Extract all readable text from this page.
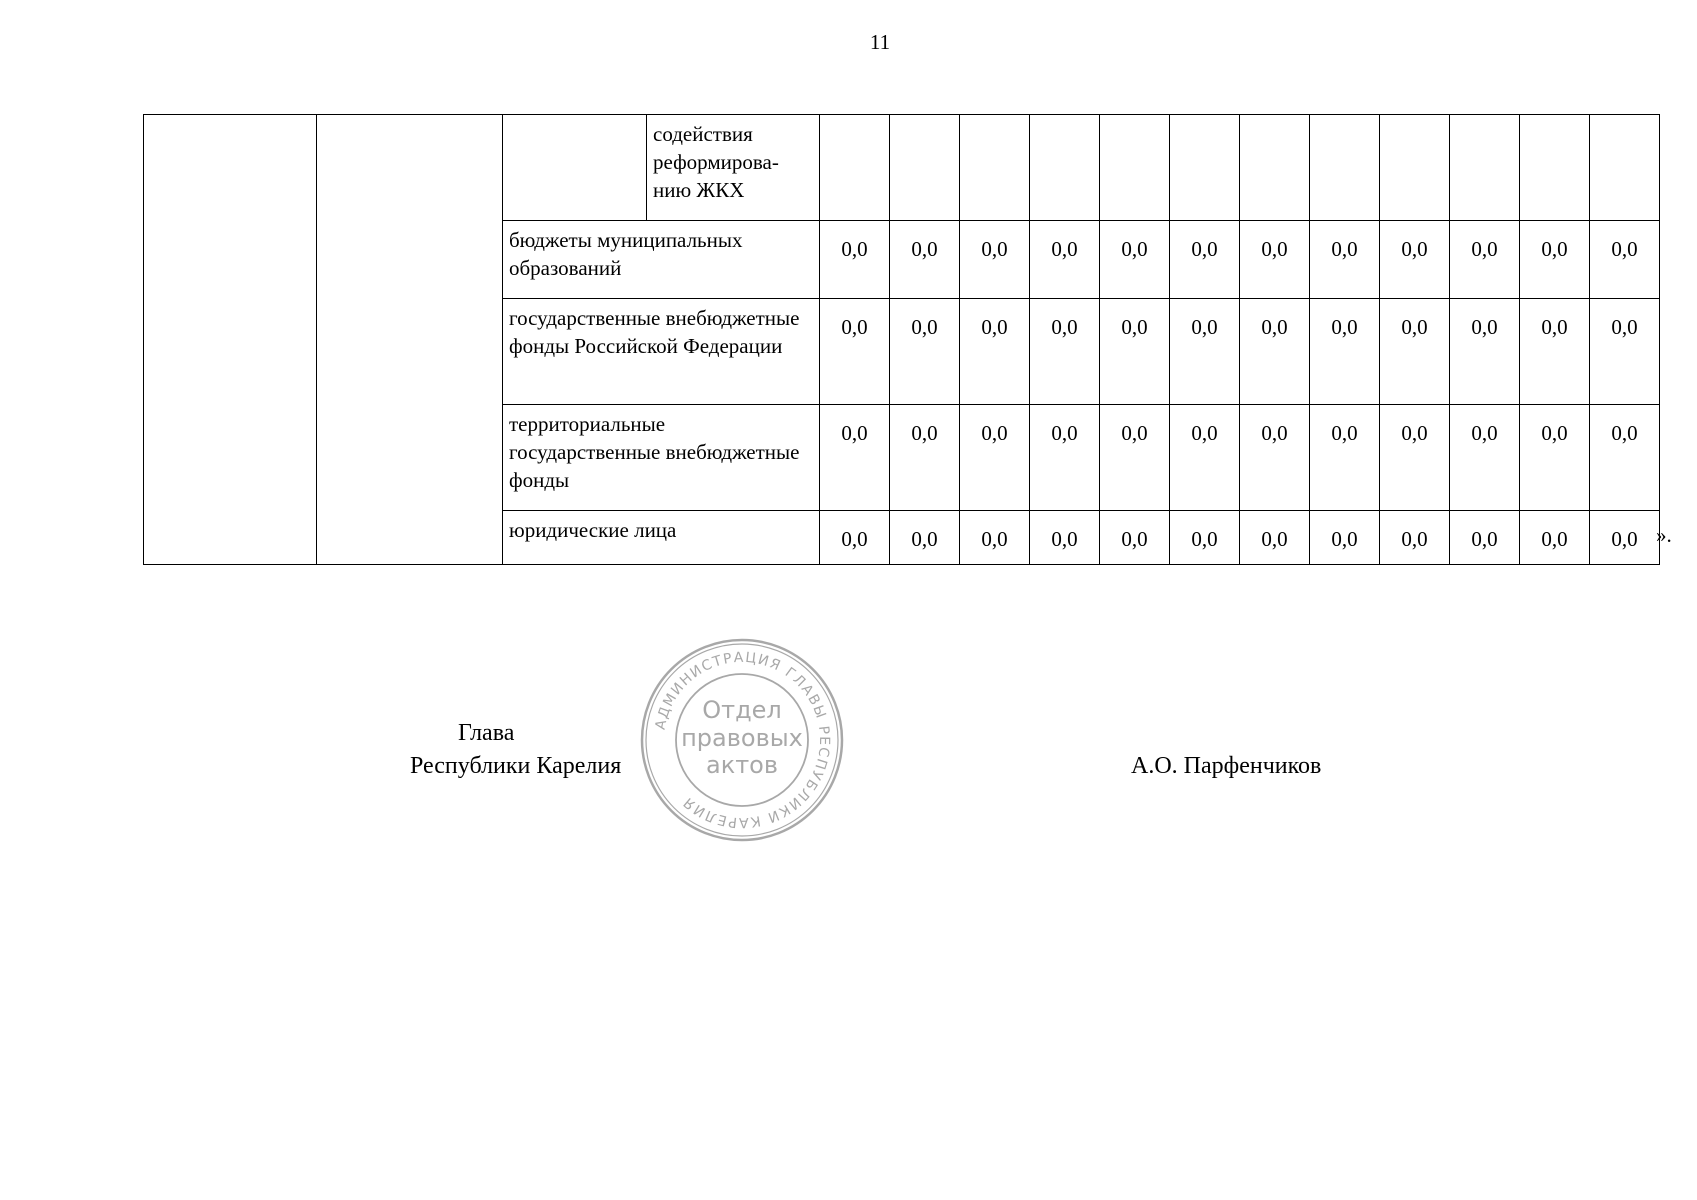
11
			содействия реформирова-нию ЖКХ												
		бюджеты муниципальных образований		0,0	0,0	0,0	0,0	0,0	0,0	0,0	0,0	0,0	0,0	0,0	0,0
		государственные внебюджетные фонды Российской Федерации		0,0	0,0	0,0	0,0	0,0	0,0	0,0	0,0	0,0	0,0	0,0	0,0
		территориальные государственные внебюджетные фонды		0,0	0,0	0,0	0,0	0,0	0,0	0,0	0,0	0,0	0,0	0,0	0,0
		юридические лица		0,0	0,0	0,0	0,0	0,0	0,0	0,0	0,0	0,0	0,0	0,0	0,0 ».
Глава
Республики Карелия	А.О. Парфенчиков
АДМИНИСТРАЦИЯ ГЛАВЫ РЕСПУБЛИКИ КАРЕЛИЯ
Отдел
правовых
актов
